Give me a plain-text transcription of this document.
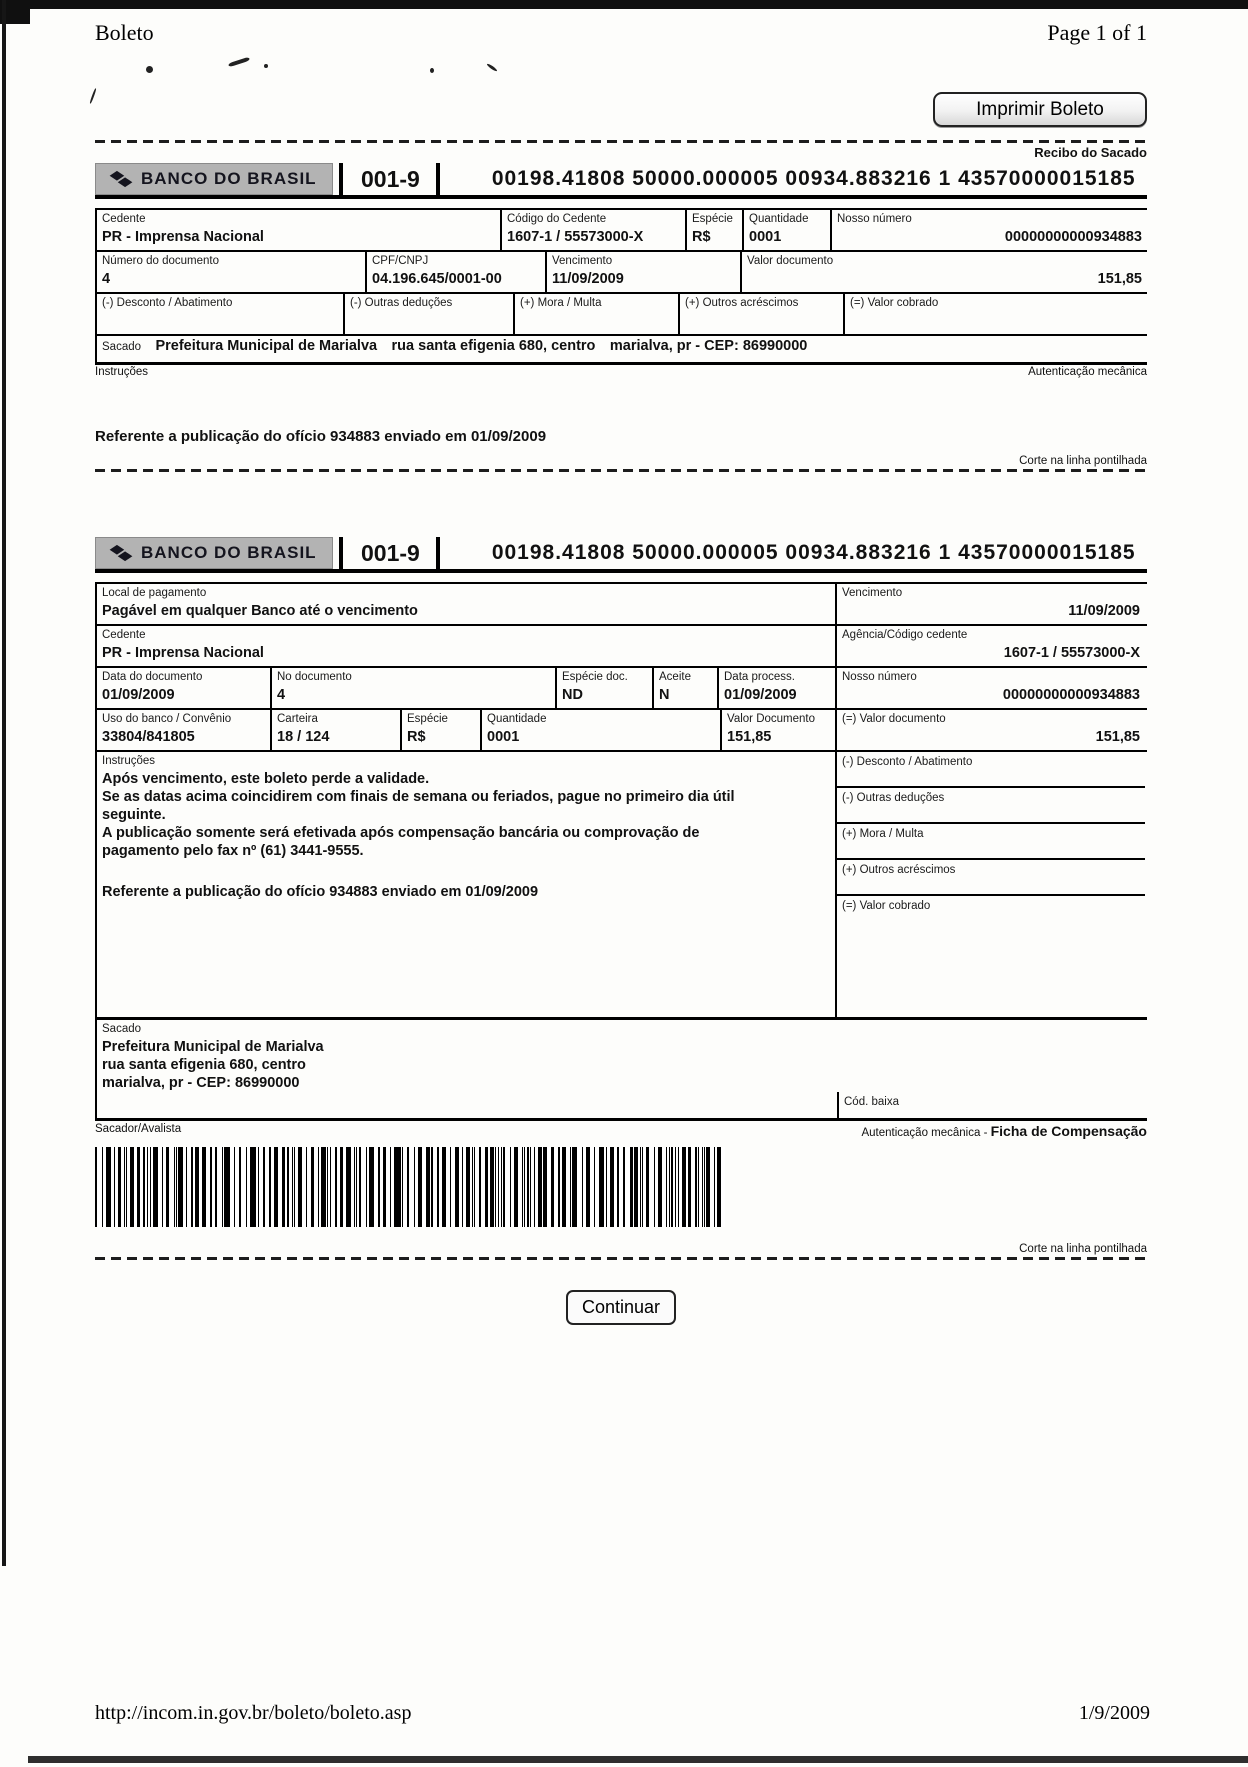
Boleto	Page 1 of 1
Imprimir Boleto
Recibo do Sacado
BANCO DO BRASIL	001-9	00198.41808 50000.000005 00934.883216 1 43570000015185
Cedente
PR - Imprensa Nacional
Código do Cedente
1607-1 / 55573000-X
Espécie
R$
Quantidade
0001
Nosso número
00000000000934883
Número do documento
4
CPF/CNPJ
04.196.645/0001-00
Vencimento
11/09/2009
Valor documento
151,85
(-) Desconto / Abatimento	(-) Outras deduções	(+) Mora / Multa	(+) Outros acréscimos	(=) Valor cobrado
Sacado Prefeitura Municipal de Marialva rua santa efigenia 680, centro marialva, pr - CEP: 86990000
Instruções	Autenticação mecânica
Referente a publicação do ofício 934883 enviado em 01/09/2009
Corte na linha pontilhada
BANCO DO BRASIL	001-9	00198.41808 50000.000005 00934.883216 1 43570000015185
Local de pagamento
Pagável em qualquer Banco até o vencimento
Vencimento
11/09/2009
Cedente
PR - Imprensa Nacional
Agência/Código cedente
1607-1 / 55573000-X
Data do documento
01/09/2009
No documento
4
Espécie doc.
ND
Aceite
N
Data process.
01/09/2009
Nosso número
00000000000934883
Uso do banco / Convênio
33804/841805
Carteira
18 / 124
Espécie
R$
Quantidade
0001
Valor Documento
151,85
(=) Valor documento
151,85
Instruções
Após vencimento, este boleto perde a validade.
Se as datas acima coincidirem com finais de semana ou feriados, pague no primeiro dia útil seguinte.
A publicação somente será efetivada após compensação bancária ou comprovação de pagamento pelo fax nº (61) 3441-9555.
Referente a publicação do ofício 934883 enviado em 01/09/2009
(-) Desconto / Abatimento
(-) Outras deduções
(+) Mora / Multa
(+) Outros acréscimos
(=) Valor cobrado
Sacado
Prefeitura Municipal de Marialva
rua santa efigenia 680, centro
marialva, pr - CEP: 86990000
Cód. baixa
Sacador/Avalista	Autenticação mecânica - Ficha de Compensação
Corte na linha pontilhada
Continuar
http://incom.in.gov.br/boleto/boleto.asp	1/9/2009
